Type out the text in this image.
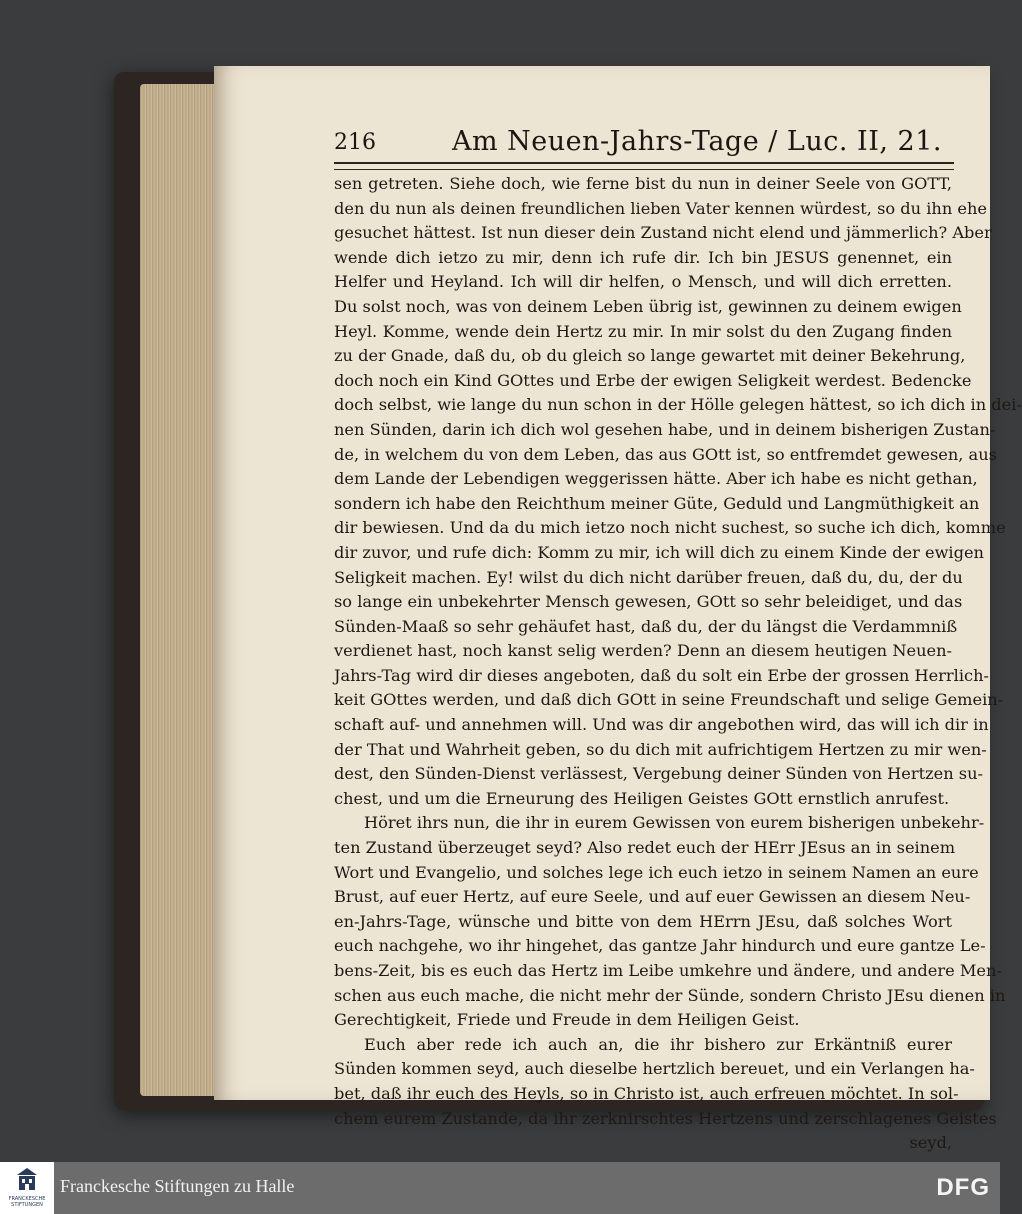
216	Am Neuen-Jahrs-Tage / Luc. II, 21.
sen getreten. Siehe doch, wie ferne bist du nun in deiner Seele von GOTT,
den du nun als deinen freundlichen lieben Vater kennen würdest, so du ihn ehe
gesuchet hättest. Ist nun dieser dein Zustand nicht elend und jämmerlich? Aber
wende dich ietzo zu mir, denn ich rufe dir. Ich bin JESUS genennet, ein
Helfer und Heyland. Ich will dir helfen, o Mensch, und will dich erretten.
Du solst noch, was von deinem Leben übrig ist, gewinnen zu deinem ewigen
Heyl. Komme, wende dein Hertz zu mir. In mir solst du den Zugang finden
zu der Gnade, daß du, ob du gleich so lange gewartet mit deiner Bekehrung,
doch noch ein Kind GOttes und Erbe der ewigen Seligkeit werdest. Bedencke
doch selbst, wie lange du nun schon in der Hölle gelegen hättest, so ich dich in dei-
nen Sünden, darin ich dich wol gesehen habe, und in deinem bisherigen Zustan-
de, in welchem du von dem Leben, das aus GOtt ist, so entfremdet gewesen, aus
dem Lande der Lebendigen weggerissen hätte. Aber ich habe es nicht gethan,
sondern ich habe den Reichthum meiner Güte, Geduld und Langmüthigkeit an
dir bewiesen. Und da du mich ietzo noch nicht suchest, so suche ich dich, komme
dir zuvor, und rufe dich: Komm zu mir, ich will dich zu einem Kinde der ewigen
Seligkeit machen. Ey! wilst du dich nicht darüber freuen, daß du, du, der du
so lange ein unbekehrter Mensch gewesen, GOtt so sehr beleidiget, und das
Sünden-Maaß so sehr gehäufet hast, daß du, der du längst die Verdammniß
verdienet hast, noch kanst selig werden? Denn an diesem heutigen Neuen-
Jahrs-Tag wird dir dieses angeboten, daß du solt ein Erbe der grossen Herrlich-
keit GOttes werden, und daß dich GOtt in seine Freundschaft und selige Gemein-
schaft auf- und annehmen will. Und was dir angebothen wird, das will ich dir in
der That und Wahrheit geben, so du dich mit aufrichtigem Hertzen zu mir wen-
dest, den Sünden-Dienst verlässest, Vergebung deiner Sünden von Hertzen su-
chest, und um die Erneurung des Heiligen Geistes GOtt ernstlich anrufest.
Höret ihrs nun, die ihr in eurem Gewissen von eurem bisherigen unbekehr-
ten Zustand überzeuget seyd? Also redet euch der HErr JEsus an in seinem
Wort und Evangelio, und solches lege ich euch ietzo in seinem Namen an eure
Brust, auf euer Hertz, auf eure Seele, und auf euer Gewissen an diesem Neu-
en-Jahrs-Tage, wünsche und bitte von dem HErrn JEsu, daß solches Wort
euch nachgehe, wo ihr hingehet, das gantze Jahr hindurch und eure gantze Le-
bens-Zeit, bis es euch das Hertz im Leibe umkehre und ändere, und andere Men-
schen aus euch mache, die nicht mehr der Sünde, sondern Christo JEsu dienen in
Gerechtigkeit, Friede und Freude in dem Heiligen Geist.
Euch aber rede ich auch an, die ihr bishero zur Erkäntniß eurer
Sünden kommen seyd, auch dieselbe hertzlich bereuet, und ein Verlangen ha-
bet, daß ihr euch des Heyls, so in Christo ist, auch erfreuen möchtet. In sol-
chem eurem Zustande, da ihr zerknirschtes Hertzens und zerschlagenes Geistes
seyd,
FRANCKESCHE STIFTUNGEN
Franckesche Stiftungen zu Halle	DFG
